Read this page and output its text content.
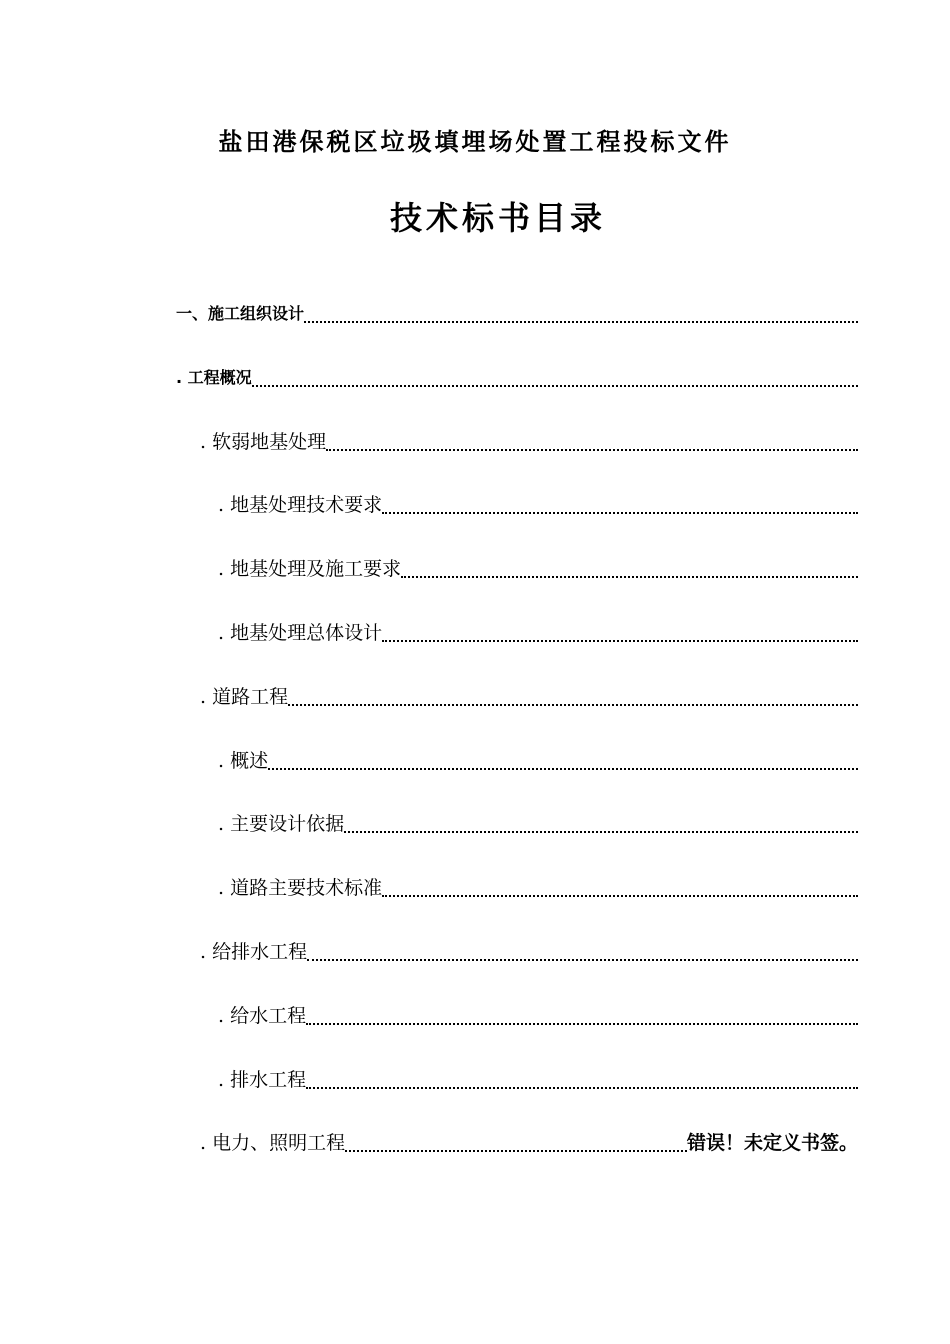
盐田港保税区垃圾填埋场处置工程投标文件
技术标书目录
一、施工组织设计
. 工程概况
. 软弱地基处理
. 地基处理技术要求
. 地基处理及施工要求
. 地基处理总体设计
. 道路工程
. 概述
. 主要设计依据
. 道路主要技术标准
. 给排水工程
. 给水工程
. 排水工程
. 电力、照明工程	错误！未定义书签。
